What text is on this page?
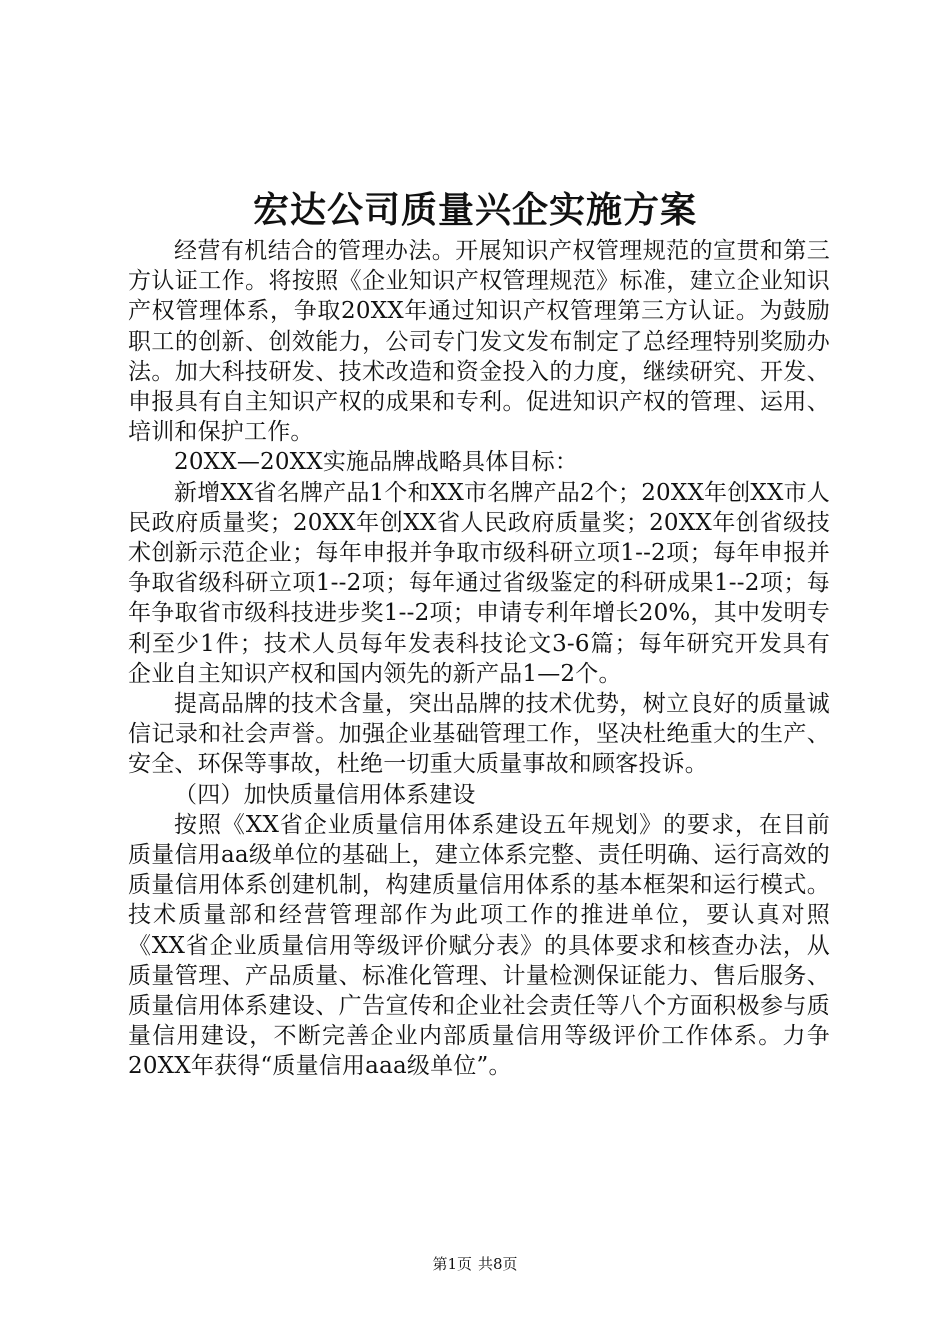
宏达公司质量兴企实施方案

经营有机结合的管理办法。开展知识产权管理规范的宣贯和第三方认证工作。将按照《企业知识产权管理规范》标准，建立企业知识产权管理体系，争取20XX年通过知识产权管理第三方认证。为鼓励职工的创新、创效能力，公司专门发文发布制定了总经理特别奖励办法。加大科技研发、技术改造和资金投入的力度，继续研究、开发、申报具有自主知识产权的成果和专利。促进知识产权的管理、运用、培训和保护工作。

20XX—20XX实施品牌战略具体目标：

新增XX省名牌产品1个和XX市名牌产品2个；20XX年创XX市人民政府质量奖；20XX年创XX省人民政府质量奖；20XX年创省级技术创新示范企业；每年申报并争取市级科研立项1--2项；每年申报并争取省级科研立项1--2项；每年通过省级鉴定的科研成果1--2项；每年争取省市级科技进步奖1--2项；申请专利年增长20%，其中发明专利至少1件；技术人员每年发表科技论文3-6篇；每年研究开发具有企业自主知识产权和国内领先的新产品1—2个。

提高品牌的技术含量，突出品牌的技术优势，树立良好的质量诚信记录和社会声誉。加强企业基础管理工作，坚决杜绝重大的生产、安全、环保等事故，杜绝一切重大质量事故和顾客投诉。

（四）加快质量信用体系建设

按照《XX省企业质量信用体系建设五年规划》的要求，在目前质量信用aa级单位的基础上，建立体系完整、责任明确、运行高效的质量信用体系创建机制，构建质量信用体系的基本框架和运行模式。技术质量部和经营管理部作为此项工作的推进单位，要认真对照《XX省企业质量信用等级评价赋分表》的具体要求和核查办法，从质量管理、产品质量、标准化管理、计量检测保证能力、售后服务、质量信用体系建设、广告宣传和企业社会责任等八个方面积极参与质量信用建设，不断完善企业内部质量信用等级评价工作体系。力争20XX年获得“质量信用aaa级单位”。

第1页 共8页
